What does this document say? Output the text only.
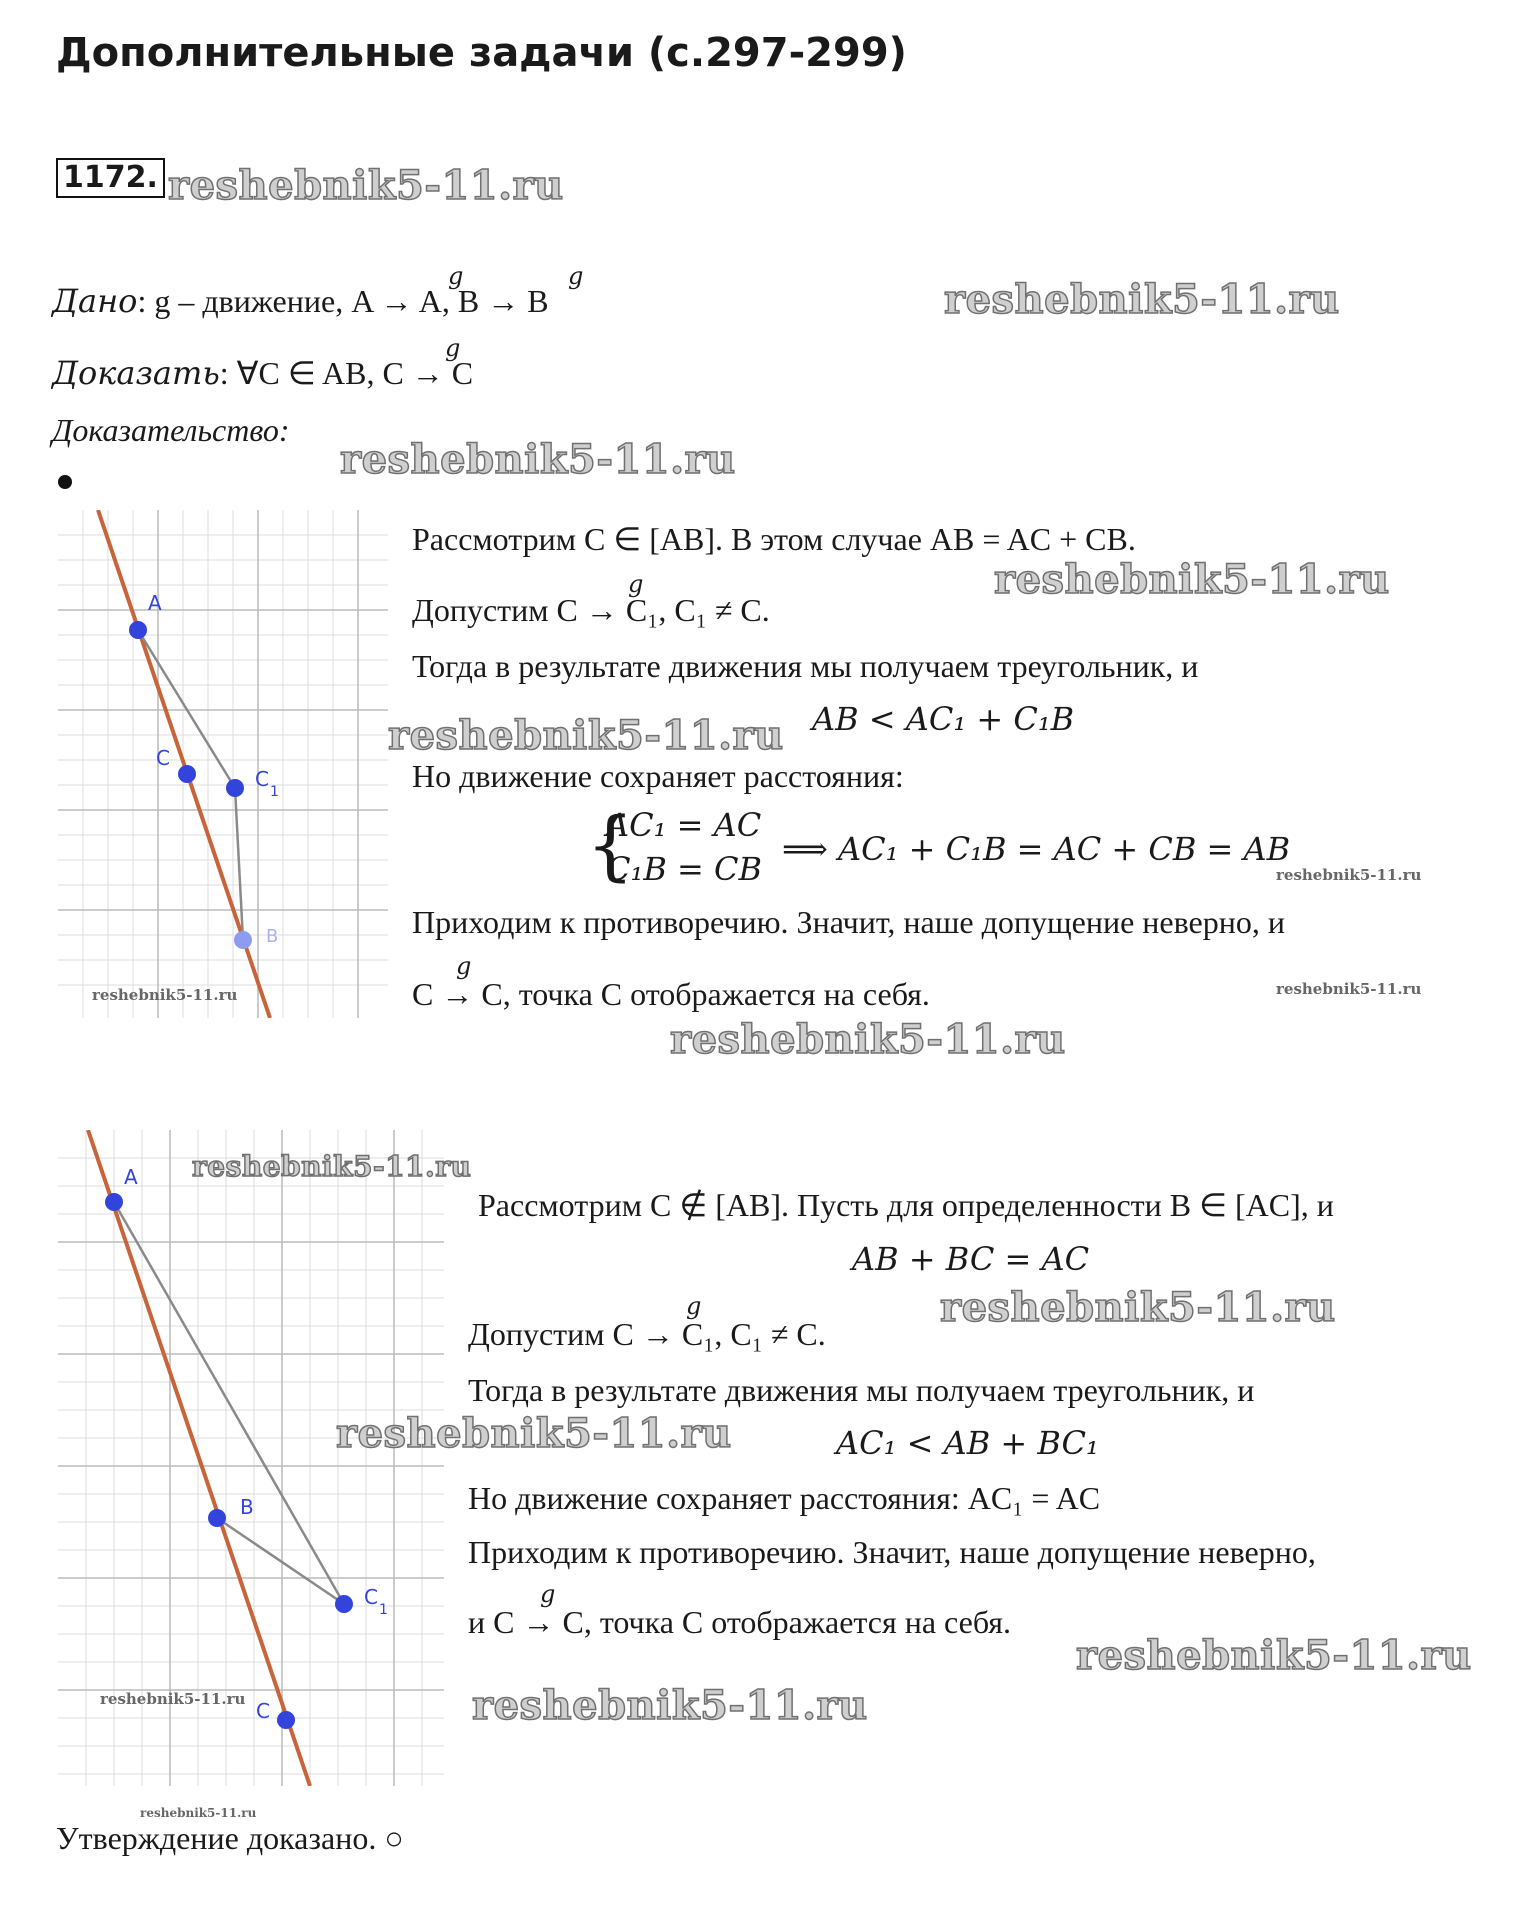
Дополнительные задачи (с.297-299)
1172. reshebnik5-11.ru
Дано: g – движение, A → A, B → B
g	g	reshebnik5-11.ru
Доказать: ∀C ∈ AB, C → C
g
Доказательство:
reshebnik5-11.ru
A
C
C
1
B
reshebnik5-11.ru
Рассмотрим C ∈ [AB]. В этом случае AB = AC + CB.
reshebnik5-11.ru
Допустим C → C₁, C₁ ≠ C.
g
Тогда в результате движения мы получаем треугольник, и
reshebnik5-11.ru AB < AC₁ + C₁B
Но движение сохраняет расстояния:
{
AC₁ = AC
C₁B = CB
⟹ AC₁ + C₁B = AC + CB = AB
reshebnik5-11.ru
Приходим к противоречию. Значит, наше допущение неверно, и
C → C, точка C отображается на себя.
g
reshebnik5-11.ru
reshebnik5-11.ru
A
B
C
1
C
reshebnik5-11.ru
reshebnik5-11.ru
reshebnik5-11.ru
Рассмотрим C ∉ [AB]. Пусть для определенности B ∈ [AC], и
AB + BC = AC
Допустим C → C₁, C₁ ≠ C.
g	reshebnik5-11.ru
Тогда в результате движения мы получаем треугольник, и
reshebnik5-11.ru	AC₁ < AB + BC₁
Но движение сохраняет расстояния: AC₁ = AC
Приходим к противоречию. Значит, наше допущение неверно,
и C → C, точка C отображается на себя.
g
reshebnik5-11.ru
reshebnik5-11.ru
Утверждение доказано. ○
